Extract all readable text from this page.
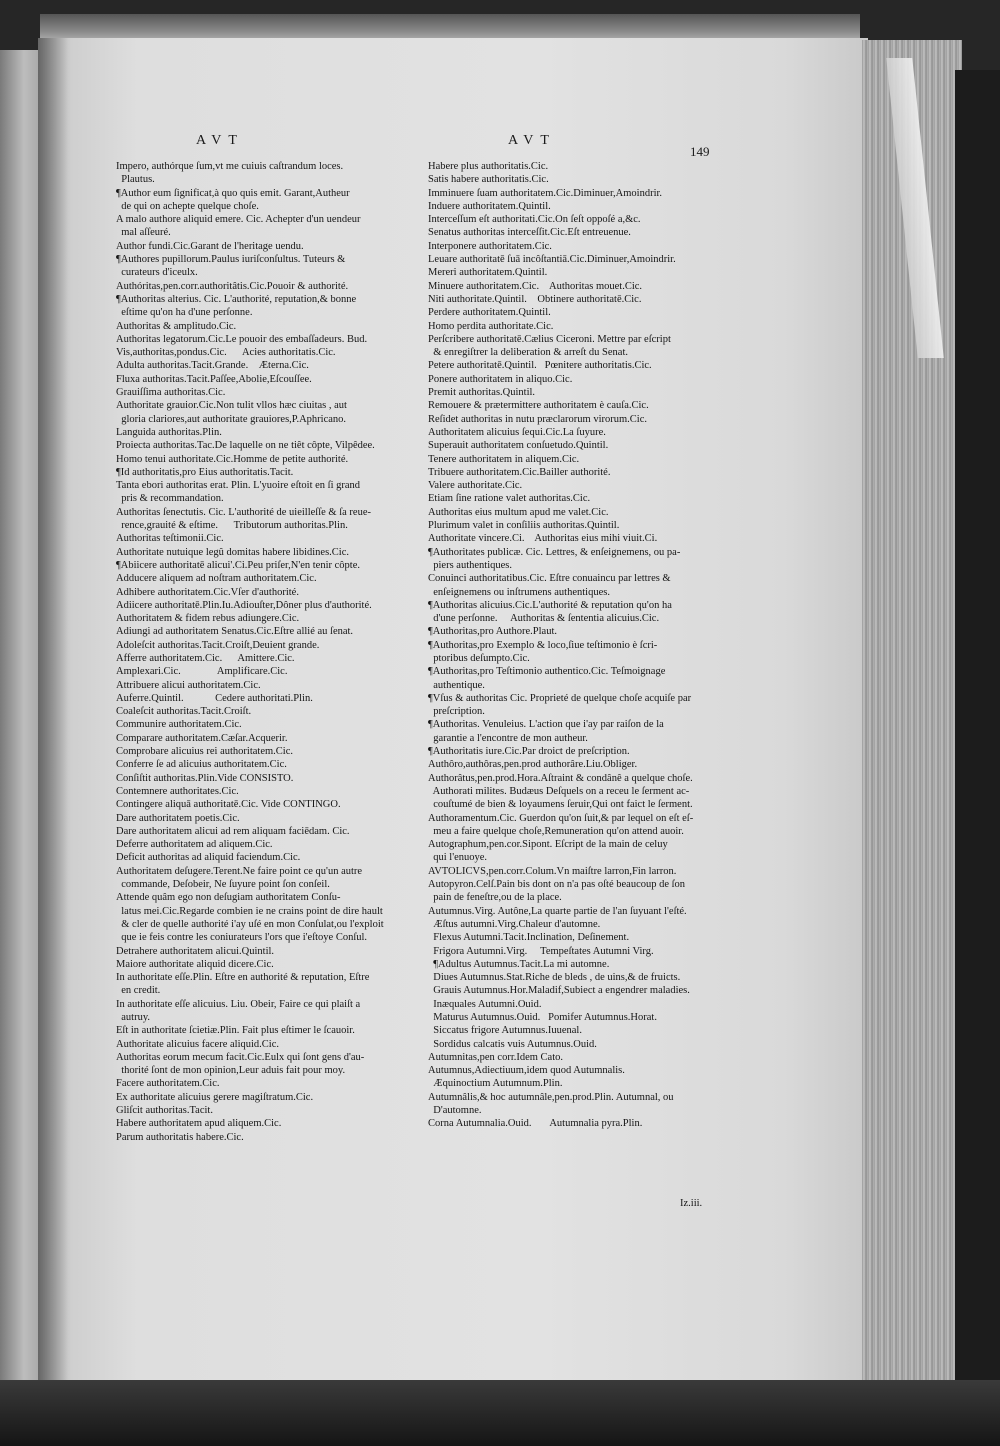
AVT	AVT
149

Impero, authórque ſum,vt me cuiuis caſtrandum loces.

Plautus.

¶Author eum ſignificat,à quo quis emit. Garant,Autheur

de qui on achepte quelque choſe.

A malo authore aliquid emere. Cic. Achepter d'un uendeur

mal aſſeuré.

Author fundi.Cic.Garant de l'heritage uendu.

¶Authores pupillorum.Paulus iuriſconſultus. Tuteurs &

curateurs d'iceulx.

Authóritas,pen.corr.authoritâtis.Cic.Pouoir & authorité.

¶Authoritas alterius. Cic. L'authorité, reputation,& bonne

eſtime qu'on ha d'une perſonne.

Authoritas & amplitudo.Cic.

Authoritas legatorum.Cic.Le pouoir des embaſſadeurs. Bud.

Vis,authoritas,pondus.Cic.      Acies authoritatis.Cic.

Adulta authoritas.Tacit.Grande.    Æterna.Cic.

Fluxa authoritas.Tacit.Paſſee,Abolie,Eſcouſſee.

Grauiſſima authoritas.Cic.

Authoritate grauior.Cic.Non tulit vllos hæc ciuitas , aut

gloria clariores,aut authoritate grauiores,P.Aphricano.

Languida authoritas.Plin.

Proiecta authoritas.Tac.De laquelle on ne tiêt côpte, Vilpêdee.

Homo tenui authoritate.Cic.Homme de petite authorité.

¶Id authoritatis,pro Eius authoritatis.Tacit.

Tanta ebori authoritas erat. Plin. L'yuoire eſtoit en ſi grand

pris & recommandation.

Authoritas ſenectutis. Cic. L'authorité de uieilleſſe & ſa reue-

rence,grauité & eſtime.      Tributorum authoritas.Plin.

Authoritas teſtimonii.Cic.

Authoritate nutuique legû domitas habere libidines.Cic.

¶Abiicere authoritatē alicui'.Ci.Peu priſer,N'en tenir côpte.

Adducere aliquem ad noſtram authoritatem.Cic.

Adhibere authoritatem.Cic.Vſer d'authorité.

Adiicere authoritatē.Plin.Iu.Adiouſter,Dôner plus d'authorité.

Authoritatem & fidem rebus adiungere.Cic.

Adiungi ad authoritatem Senatus.Cic.Eſtre allié au ſenat.

Adoleſcit authoritas.Tacit.Croiſt,Deuient grande.

Afferre authoritatem.Cic.      Amittere.Cic.

Amplexari.Cic.              Amplificare.Cic.

Attribuere alicui authoritatem.Cic.

Auferre.Quintil.            Cedere authoritati.Plin.

Coaleſcit authoritas.Tacit.Croiſt.

Communire authoritatem.Cic.

Comparare authoritatem.Cæſar.Acquerir.

Comprobare alicuius rei authoritatem.Cic.

Conferre ſe ad alicuius authoritatem.Cic.

Conſiſtit authoritas.Plin.Vide CONSISTO.

Contemnere authoritates.Cic.

Contingere aliquā authoritatē.Cic. Vide CONTINGO.

Dare authoritatem poetis.Cic.

Dare authoritatem alicui ad rem aliquam faciēdam. Cic.

Deferre authoritatem ad aliquem.Cic.

Deficit authoritas ad aliquid faciendum.Cic.

Authoritatem deſugere.Terent.Ne faire point ce qu'un autre

commande, Deſobeir, Ne ſuyure point ſon conſeil.

Attende quâm ego non deſugiam authoritatem Conſu-

latus mei.Cic.Regarde combien ie ne crains point de dire hault

& cler de quelle authorité i'ay uſé en mon Conſulat,ou l'exploit

que ie feis contre les coniurateurs l'ors que i'eſtoye Conſul.

Detrahere authoritatem alicui.Quintil.

Maiore authoritate aliquid dicere.Cic.

In authoritate eſſe.Plin. Eſtre en authorité & reputation, Eſtre

en credit.

In authoritate eſſe alicuius. Liu. Obeir, Faire ce qui plaiſt a

autruy.

Eſt in authoritate ſcietiæ.Plin. Fait plus eſtimer le ſcauoir.

Authoritate alicuius facere aliquid.Cic.

Authoritas eorum mecum facit.Cic.Eulx qui ſont gens d'au-

thorité ſont de mon opinion,Leur aduis fait pour moy.

Facere authoritatem.Cic.

Ex authoritate alicuius gerere magiſtratum.Cic.

Gliſcit authoritas.Tacit.

Habere authoritatem apud aliquem.Cic.

Parum authoritatis habere.Cic.

Habere plus authoritatis.Cic.

Satis habere authoritatis.Cic.

Imminuere ſuam authoritatem.Cic.Diminuer,Amoindrir.

Induere authoritatem.Quintil.

Interceſſum eſt authoritati.Cic.On ſeſt oppoſé a,&c.

Senatus authoritas interceſſit.Cic.Eſt entreuenue.

Interponere authoritatem.Cic.

Leuare authoritatē ſuā incôſtantiā.Cic.Diminuer,Amoindrir.

Mereri authoritatem.Quintil.

Minuere authoritatem.Cic.    Authoritas mouet.Cic.

Niti authoritate.Quintil.    Obtinere authoritatē.Cic.

Perdere authoritatem.Quintil.

Homo perdita authoritate.Cic.

Perſcribere authoritatē.Cælius Ciceroni. Mettre par eſcript

& enregiſtrer la deliberation & arreſt du Senat.

Petere authoritatē.Quintil.   Pœnitere authoritatis.Cic.

Ponere authoritatem in aliquo.Cic.

Premit authoritas.Quintil.

Remouere & prætermittere authoritatem è cauſa.Cic.

Reſidet authoritas in nutu præclarorum virorum.Cic.

Authoritatem alicuius ſequi.Cic.La ſuyure.

Superauit authoritatem conſuetudo.Quintil.

Tenere authoritatem in aliquem.Cic.

Tribuere authoritatem.Cic.Bailler authorité.

Valere authoritate.Cic.

Etiam ſine ratione valet authoritas.Cic.

Authoritas eius multum apud me valet.Cic.

Plurimum valet in conſiliis authoritas.Quintil.

Authoritate vincere.Ci.    Authoritas eius mihi viuit.Ci.

¶Authoritates publicæ. Cic. Lettres, & enſeignemens, ou pa-

piers authentiques.

Conuinci authoritatibus.Cic. Eſtre conuaincu par lettres &

enſeignemens ou inſtrumens authentiques.

¶Authoritas alicuius.Cic.L'authorité & reputation qu'on ha

d'une perſonne.     Authoritas & ſententia alicuius.Cic.

¶Authoritas,pro Authore.Plaut.

¶Authoritas,pro Exemplo & loco,ſiue teſtimonio è ſcri-

ptoribus deſumpto.Cic.

¶Authoritas,pro Teſtimonio authentico.Cic. Teſmoignage

authentique.

¶Vſus & authoritas Cic. Proprieté de quelque choſe acquiſe par

preſcription.

¶Authoritas. Venuleius. L'action que i'ay par raiſon de la

garantie a l'encontre de mon autheur.

¶Authoritatis iure.Cic.Par droict de preſcription.

Authôro,authôras,pen.prod authorâre.Liu.Obliger.

Authorâtus,pen.prod.Hora.Aſtraint & condânê a quelque choſe.

Authorati milites. Budæus Deſquels on a receu le ſerment ac-

couſtumé de bien & loyaumens ſeruir,Qui ont faict le ſerment.

Authoramentum.Cic. Guerdon qu'on ſuit,& par lequel on eſt eſ-

meu a faire quelque choſe,Remuneration qu'on attend auoir.

Autographum,pen.cor.Sipont. Eſcript de la main de celuy

qui l'enuoye.

AVTOLICVS,pen.corr.Colum.Vn maiſtre larron,Fin larron.

Autopyron.Celſ.Pain bis dont on n'a pas oſté beaucoup de ſon

pain de feneſtre,ou de la place.

Autumnus.Virg. Autône,La quarte partie de l'an ſuyuant l'eſté.

Æſtus autumni.Virg.Chaleur d'automne.

Flexus Autumni.Tacit.Inclination, Deſinement.

Frigora Autumni.Virg.     Tempeſtates Autumni Virg.

¶Adultus Autumnus.Tacit.La mi automne.

Diues Autumnus.Stat.Riche de bleds , de uins,& de fruicts.

Grauis Autumnus.Hor.Maladif,Subiect a engendrer maladies.

Inæquales Autumni.Ouid.

Maturus Autumnus.Ouid.   Pomifer Autumnus.Horat.

Siccatus frigore Autumnus.Iuuenal.

Sordidus calcatis vuis Autumnus.Ouid.

Autumnitas,pen corr.Idem Cato.

Autumnus,Adiectiuum,idem quod Autumnalis.

Æquinoctium Autumnum.Plin.

Autumnâlis,& hoc autumnâle,pen.prod.Plin. Autumnal, ou

D'automne.

Corna Autumnalia.Ouid.       Autumnalia pyra.Plin.

Iz.iii.
